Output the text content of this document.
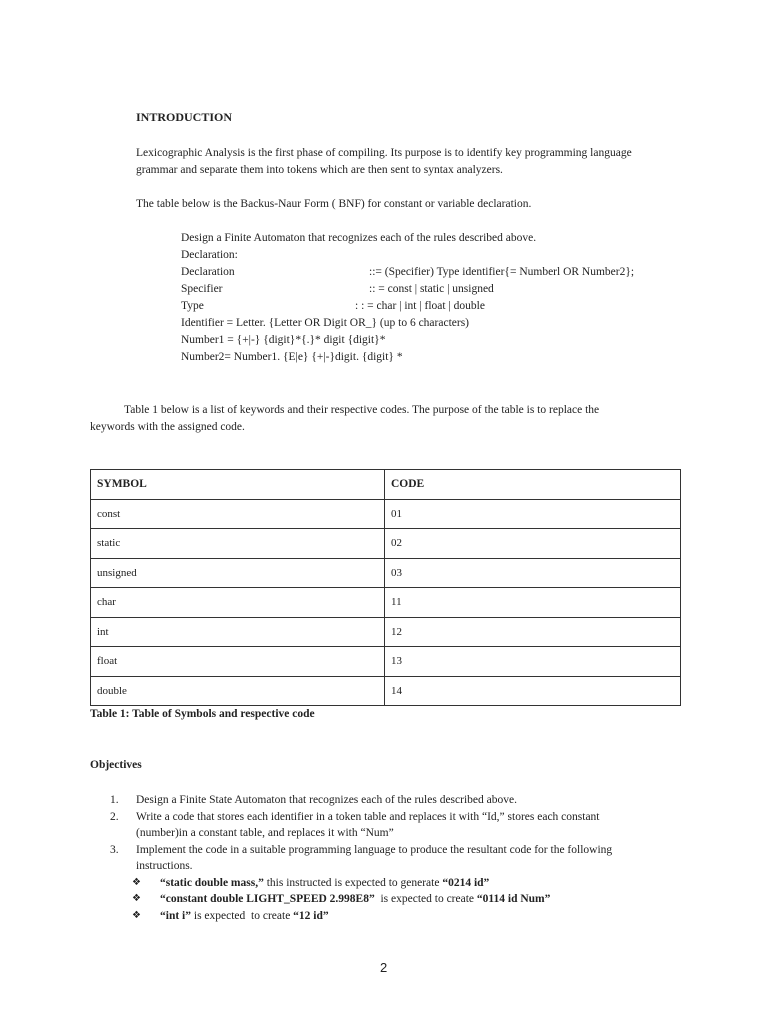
INTRODUCTION
Lexicographic Analysis is the first phase of compiling. Its purpose is to identify key programming language
grammar and separate them into tokens which are then sent to syntax analyzers.
The table below is the Backus-Naur Form ( BNF) for constant or variable declaration.
Design a Finite Automaton that recognizes each of the rules described above.
Declaration:
Declaration	::= (Specifier) Type identifier{= Numberl OR Number2};
Specifier	:: = const | static | unsigned
Type	: : = char | int | float | double
Identifier = Letter. {Letter OR Digit OR_} (up to 6 characters)
Number1 = {+|-} {digit}*{.}* digit {digit}*
Number2= Number1. {E|e} {+|-}digit. {digit} *
Table 1 below is a list of keywords and their respective codes. The purpose of the table is to replace the
keywords with the assigned code.
SYMBOL	CODE
const	01
static	02
unsigned	03
char	11
int	12
float	13
double	14
Table 1: Table of Symbols and respective code
Objectives
1. Design a Finite State Automaton that recognizes each of the rules described above.
2. Write a code that stores each identifier in a token table and replaces it with “Id,” stores each constant
(number)in a constant table, and replaces it with “Num”
3. Implement the code in a suitable programming language to produce the resultant code for the following
instructions.
❖ “static double mass,” this instructed is expected to generate “0214 id”
❖ “constant double LIGHT_SPEED 2.998E8”  is expected to create “0114 id Num”
❖ “int i” is expected  to create “12 id”
2
